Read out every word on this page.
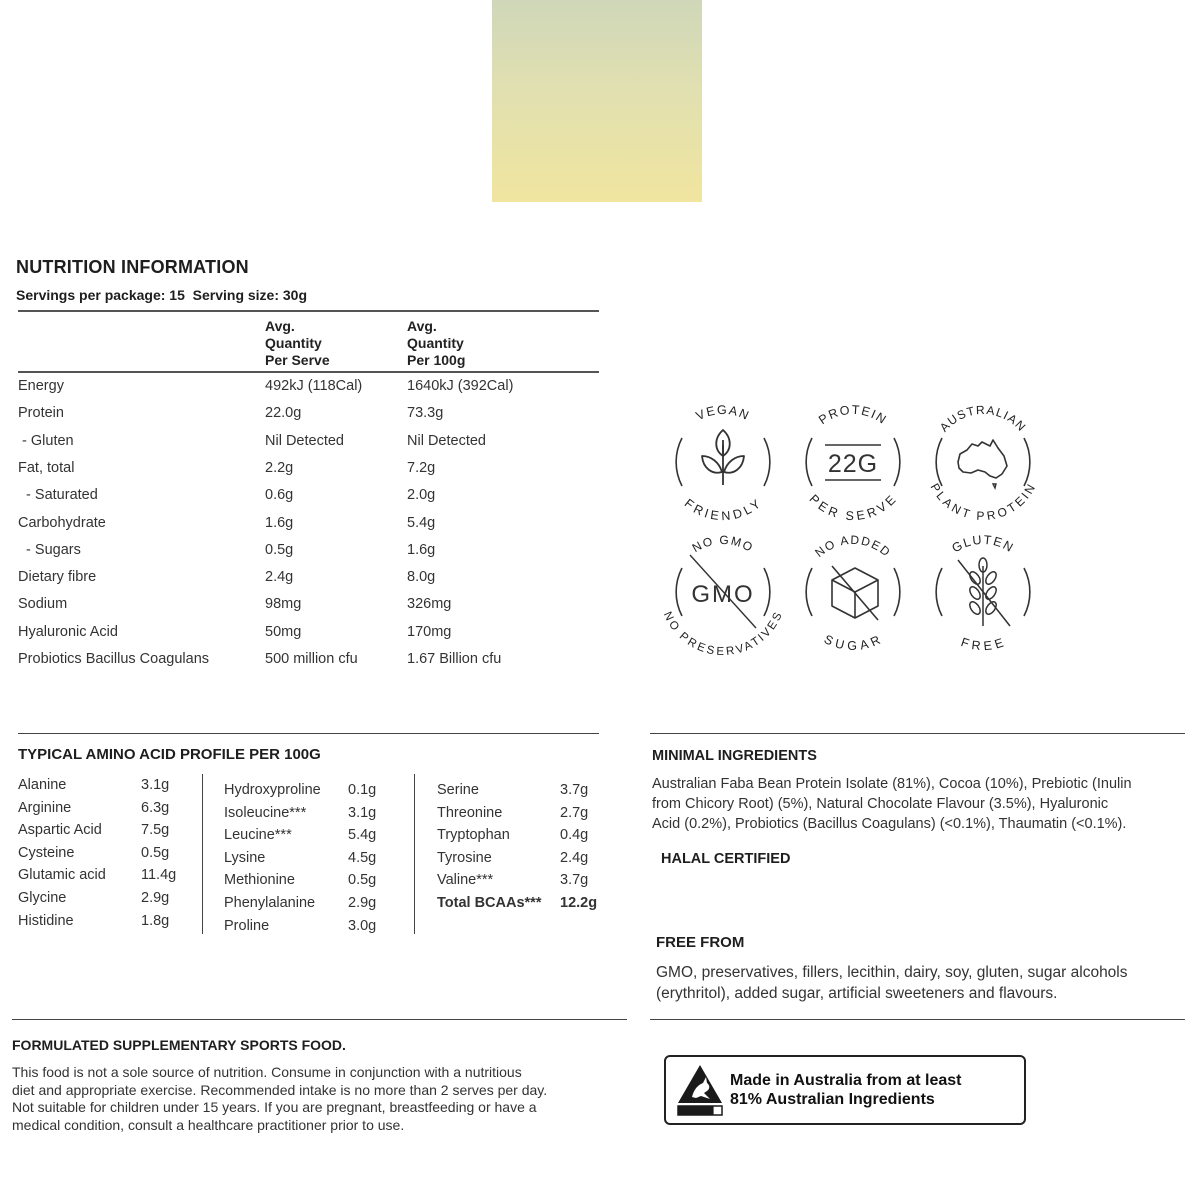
NUTRITION INFORMATION
Servings per package: 15  Serving size: 30g
Avg.
Quantity
Per Serve
Avg.
Quantity
Per 100g
Energy	492kJ (118Cal)	1640kJ (392Cal)
Protein	22.0g	73.3g
- Gluten	Nil Detected	Nil Detected
Fat, total	2.2g	7.2g
- Saturated	0.6g	2.0g
Carbohydrate	1.6g	5.4g
- Sugars	0.5g	1.6g
Dietary fibre	2.4g	8.0g
Sodium	98mg	326mg
Hyaluronic Acid	50mg	170mg
Probiotics Bacillus Coagulans	500 million cfu	1.67 Billion cfu
TYPICAL AMINO ACID PROFILE PER 100G
Alanine	3.1g
Arginine	6.3g
Aspartic Acid	7.5g
Cysteine	0.5g
Glutamic acid 11.4g
Glycine	2.9g
Histidine	1.8g
Hydroxyproline 0.1g
Isoleucine***	3.1g
Leucine***	5.4g
Lysine	4.5g
Methionine	0.5g
Phenylalanine 2.9g
Proline	3.0g
Serine	3.7g
Threonine	2.7g
Tryptophan	0.4g
Tyrosine	2.4g
Valine***	3.7g
Total BCAAs*** 12.2g
VEGAN
FRIENDLY
PROTEIN
PER SERVE
22G
AUSTRALIAN
PLANT PROTEIN
NO GMO
NO PRESERVATIVES
GMO
NO ADDED
SUGAR
GLUTEN
FREE
MINIMAL INGREDIENTS
Australian Faba Bean Protein Isolate (81%), Cocoa (10%), Prebiotic (Inulin
from Chicory Root) (5%), Natural Chocolate Flavour (3.5%), Hyaluronic
Acid (0.2%), Probiotics (Bacillus Coagulans) (<0.1%), Thaumatin (<0.1%).
HALAL CERTIFIED
FREE FROM
GMO, preservatives, fillers, lecithin, dairy, soy, gluten, sugar alcohols
(erythritol), added sugar, artificial sweeteners and flavours.
FORMULATED SUPPLEMENTARY SPORTS FOOD.
This food is not a sole source of nutrition. Consume in conjunction with a nutritious
diet and appropriate exercise. Recommended intake is no more than 2 serves per day.
Not suitable for children under 15 years. If you are pregnant, breastfeeding or have a
medical condition, consult a healthcare practitioner prior to use.
Made in Australia from at least
81% Australian Ingredients
